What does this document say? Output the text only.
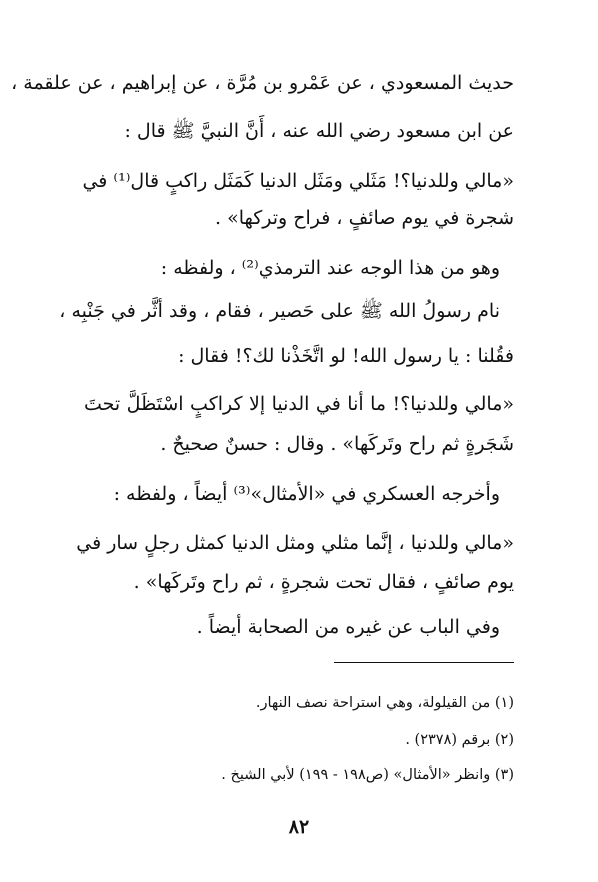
حديث المسعودي ، عن عَمْرو بن مُرَّة ، عن إبراهيم ، عن علقمة ،
عن ابن مسعود رضي الله عنه ، أَنَّ النبيَّ ﷺ قال :
«مالي وللدنيا؟! مَثَلي ومَثَل الدنيا كَمَثَل راكبٍ قال⁽¹⁾ في
شجرة في يوم صائفٍ ، فراح وتركها» .
وهو من هذا الوجه عند الترمذي⁽²⁾ ، ولفظه :
نام رسولُ الله ﷺ على حَصير ، فقام ، وقد أثَّر في جَنْبِه ،
فقُلنا : يا رسول الله! لو اتَّخَذْنا لك؟! فقال :
«مالي وللدنيا؟! ما أنا في الدنيا إلا كراكبٍ اسْتَظَلَّ تحتَ
شَجَرةٍ ثم راح وتَركَها» . وقال : حسنٌ صحيحٌ .
وأخرجه العسكري في «الأمثال»⁽³⁾ أيضاً ، ولفظه :
«مالي وللدنيا ، إنَّما مثلي ومثل الدنيا كمثل رجلٍ سار في
يوم صائفٍ ، فقال تحت شجرةٍ ، ثم راح وتَركَها» .
وفي الباب عن غيره من الصحابة أيضاً .
(١) من القيلولة، وهي استراحة نصف النهار.
(٢) برقم (٢٣٧٨) .
(٣) وانظر «الأمثال» (ص١٩٨ - ١٩٩) لأبي الشيخ .
٨٢
